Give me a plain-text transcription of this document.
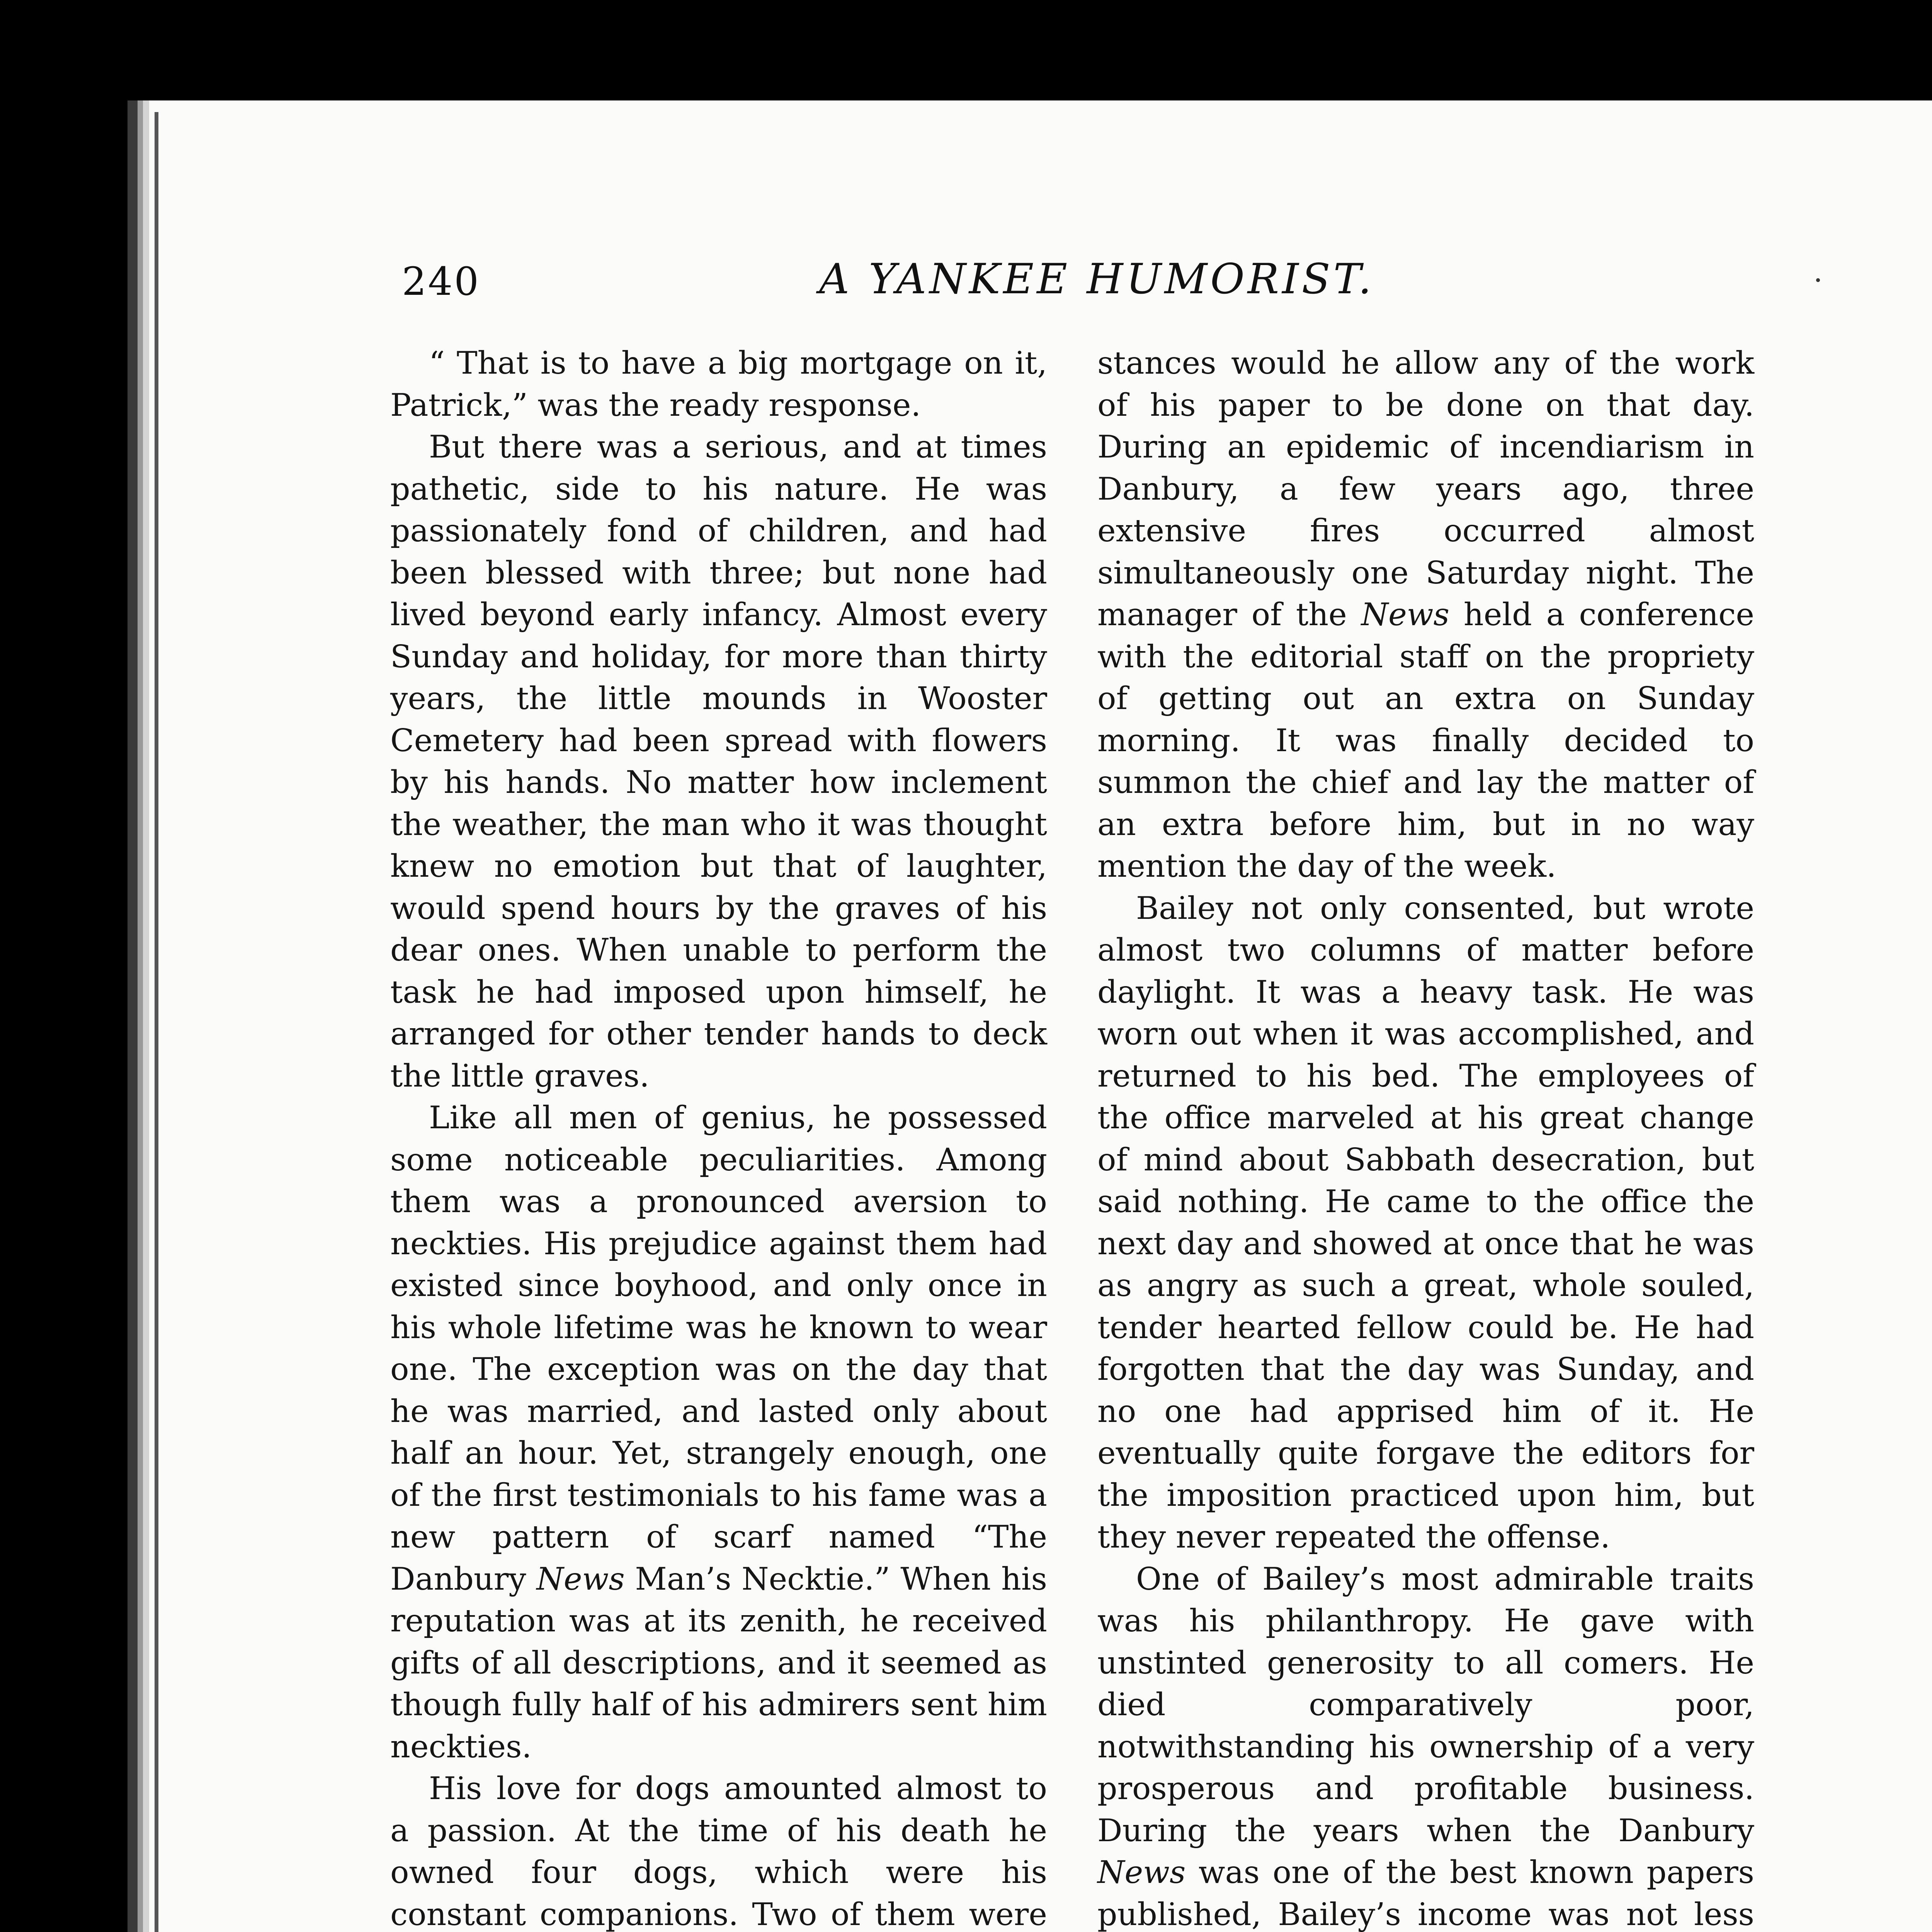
240	A YANKEE HUMORIST.

“ That is to have a big mortgage on it, Patrick,” was the ready response.

But there was a serious, and at times pathetic, side to his nature. He was passionately fond of children, and had been blessed with three; but none had lived beyond early infancy. Almost every Sunday and holiday, for more than thirty years, the little mounds in Wooster Cemetery had been spread with flowers by his hands. No matter how inclement the weather, the man who it was thought knew no emotion but that of laughter, would spend hours by the graves of his dear ones. When unable to perform the task he had imposed upon himself, he arranged for other tender hands to deck the little graves.

Like all men of genius, he possessed some noticeable peculiarities. Among them was a pronounced aversion to neckties. His prejudice against them had existed since boyhood, and only once in his whole lifetime was he known to wear one. The exception was on the day that he was married, and lasted only about half an hour. Yet, strangely enough, one of the first testimonials to his fame was a new pattern of scarf named “The Danbury News Man’s Necktie.” When his reputation was at its zenith, he received gifts of all descriptions, and it seemed as though fully half of his admirers sent him neckties.

His love for dogs amounted almost to a passion. At the time of his death he owned four dogs, which were his constant companions. Two of them were

stances would he allow any of the work of his paper to be done on that day. During an epidemic of incendiarism in Danbury, a few years ago, three extensive fires occurred almost simultaneously one Saturday night. The manager of the News held a conference with the editorial staff on the propriety of getting out an extra on Sunday morning. It was finally decided to summon the chief and lay the matter of an extra before him, but in no way mention the day of the week.

Bailey not only consented, but wrote almost two columns of matter before daylight. It was a heavy task. He was worn out when it was accomplished, and returned to his bed. The employees of the office marveled at his great change of mind about Sabbath desecration, but said nothing. He came to the office the next day and showed at once that he was as angry as such a great, whole souled, tender hearted fellow could be. He had forgotten that the day was Sunday, and no one had apprised him of it. He eventually quite forgave the editors for the imposition practiced upon him, but they never repeated the offense.

One of Bailey’s most admirable traits was his philanthropy. He gave with unstinted generosity to all comers. He died comparatively poor, notwithstanding his ownership of a very prosperous and profitable business. During the years when the Danbury News was one of the best known papers published, Bailey’s income was not less
